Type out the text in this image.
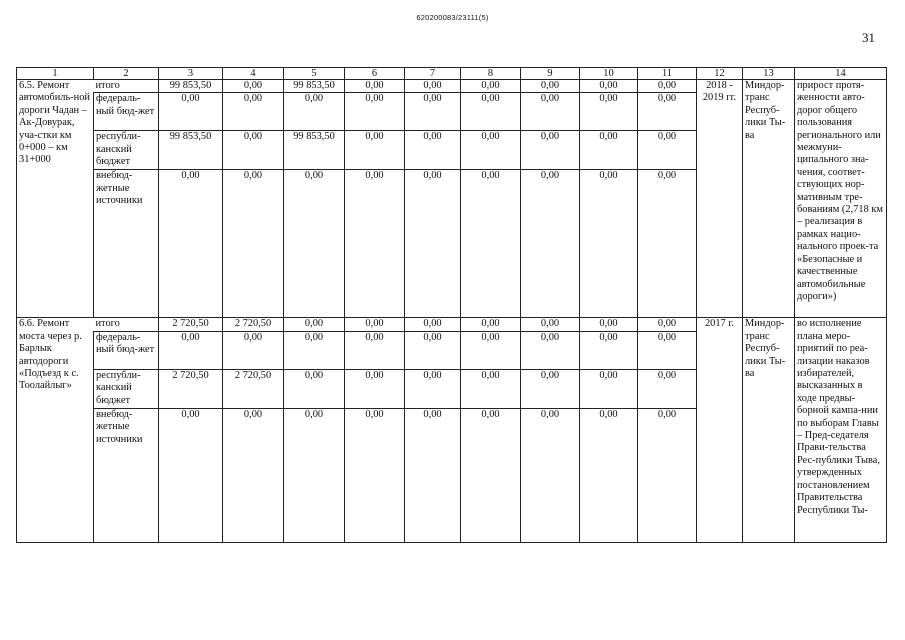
620200083/23111(5)
31
1	2	3	4	5	6	7	8	9	10	11	12	13	14
6.5. Ремонт автомобиль-ной дороги Чадан – Ак-Довурак, уча-стки км 0+000 – км 31+000	итого	99 853,50	0,00	99 853,50	0,00	0,00	0,00	0,00	0,00	0,00	2018 - 2019 гг.	Миндор-транс Респуб-лики Ты-ва	прирост протя-женности авто-дорог общего пользования регионального или межмуни-ципального зна-чения, соответ-ствующих нор-мативным тре-бованиям (2,718 км – реализация в рамках нацио-нального проек-та «Безопасные и качественные автомобильные дороги»)
	федераль-ный бюд-жет	0,00	0,00	0,00	0,00	0,00	0,00	0,00	0,00	0,00			
	республи-канский бюджет	99 853,50	0,00	99 853,50	0,00	0,00	0,00	0,00	0,00	0,00			
	внебюд-жетные источники	0,00	0,00	0,00	0,00	0,00	0,00	0,00	0,00	0,00			
6.6. Ремонт моста через р. Барлык автодороги «Подъезд к с. Тоолайлыг»	итого	2 720,50	2 720,50	0,00	0,00	0,00	0,00	0,00	0,00	0,00	2017 г.	Миндор-транс Респуб-лики Ты-ва	во исполнение плана меро-приятий по реа-лизации наказов избирателей, высказанных в ходе предвы-борной кампа-нии по выборам Главы – Пред-седателя Прави-тельства Рес-публики Тыва, утвержденных постановлением Правительства Республики Ты-
	федераль-ный бюд-жет	0,00	0,00	0,00	0,00	0,00	0,00	0,00	0,00	0,00			
	республи-канский бюджет	2 720,50	2 720,50	0,00	0,00	0,00	0,00	0,00	0,00	0,00			
	внебюд-жетные источники	0,00	0,00	0,00	0,00	0,00	0,00	0,00	0,00	0,00			
